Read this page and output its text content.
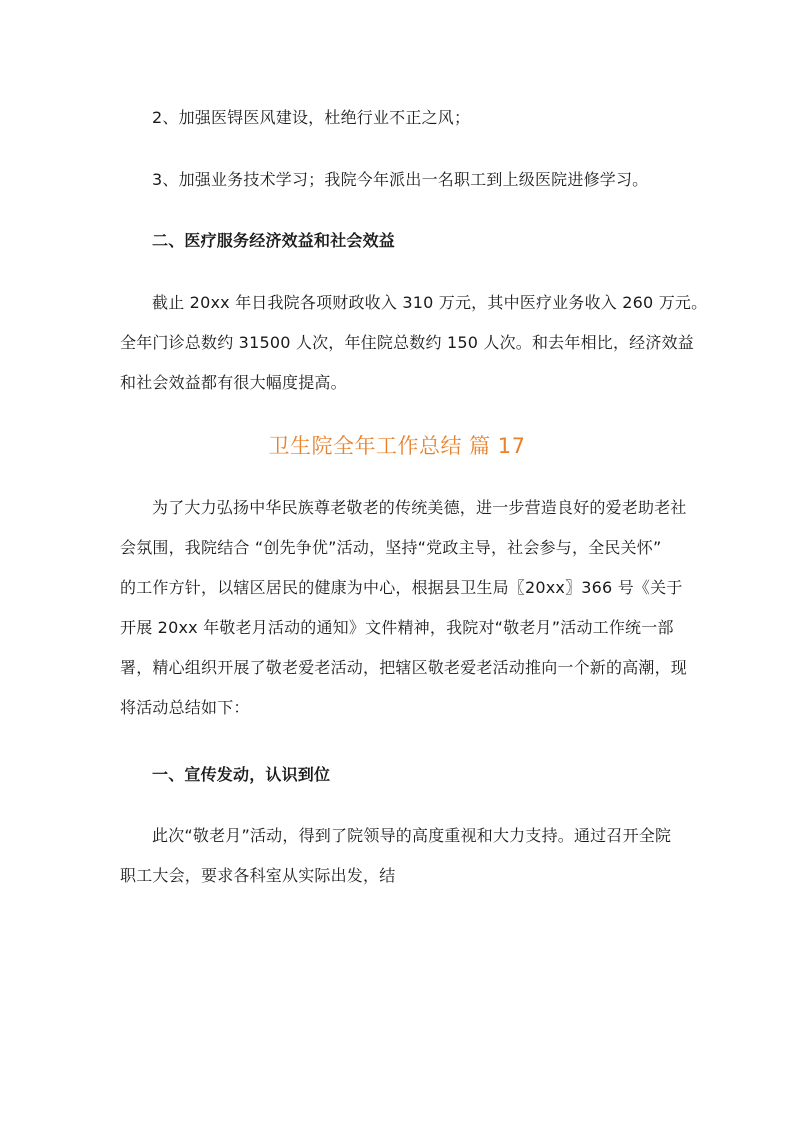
2、加强医锝医风建设，杜绝行业不正之风；
3、加强业务技术学习；我院今年派出一名职工到上级医院进修学习。
二、医疗服务经济效益和社会效益
截止 20xx 年日我院各项财政收入 310 万元，其中医疗业务收入 260 万元。
全年门诊总数约 31500 人次，年住院总数约 150 人次。和去年相比，经济效益
和社会效益都有很大幅度提高。
卫生院全年工作总结 篇 17
为了大力弘扬中华民族尊老敬老的传统美德，进一步营造良好的爱老助老社
会氛围，我院结合 “创先争优”活动，坚持“党政主导，社会参与，全民关怀”
的工作方针，以辖区居民的健康为中心，根据县卫生局〖20xx〗366 号《关于
开展 20xx 年敬老月活动的通知》文件精神，我院对“敬老月”活动工作统一部
署，精心组织开展了敬老爱老活动，把辖区敬老爱老活动推向一个新的高潮，现
将活动总结如下：
一、宣传发动，认识到位
此次“敬老月”活动，得到了院领导的高度重视和大力支持。通过召开全院
职工大会，要求各科室从实际出发，结
